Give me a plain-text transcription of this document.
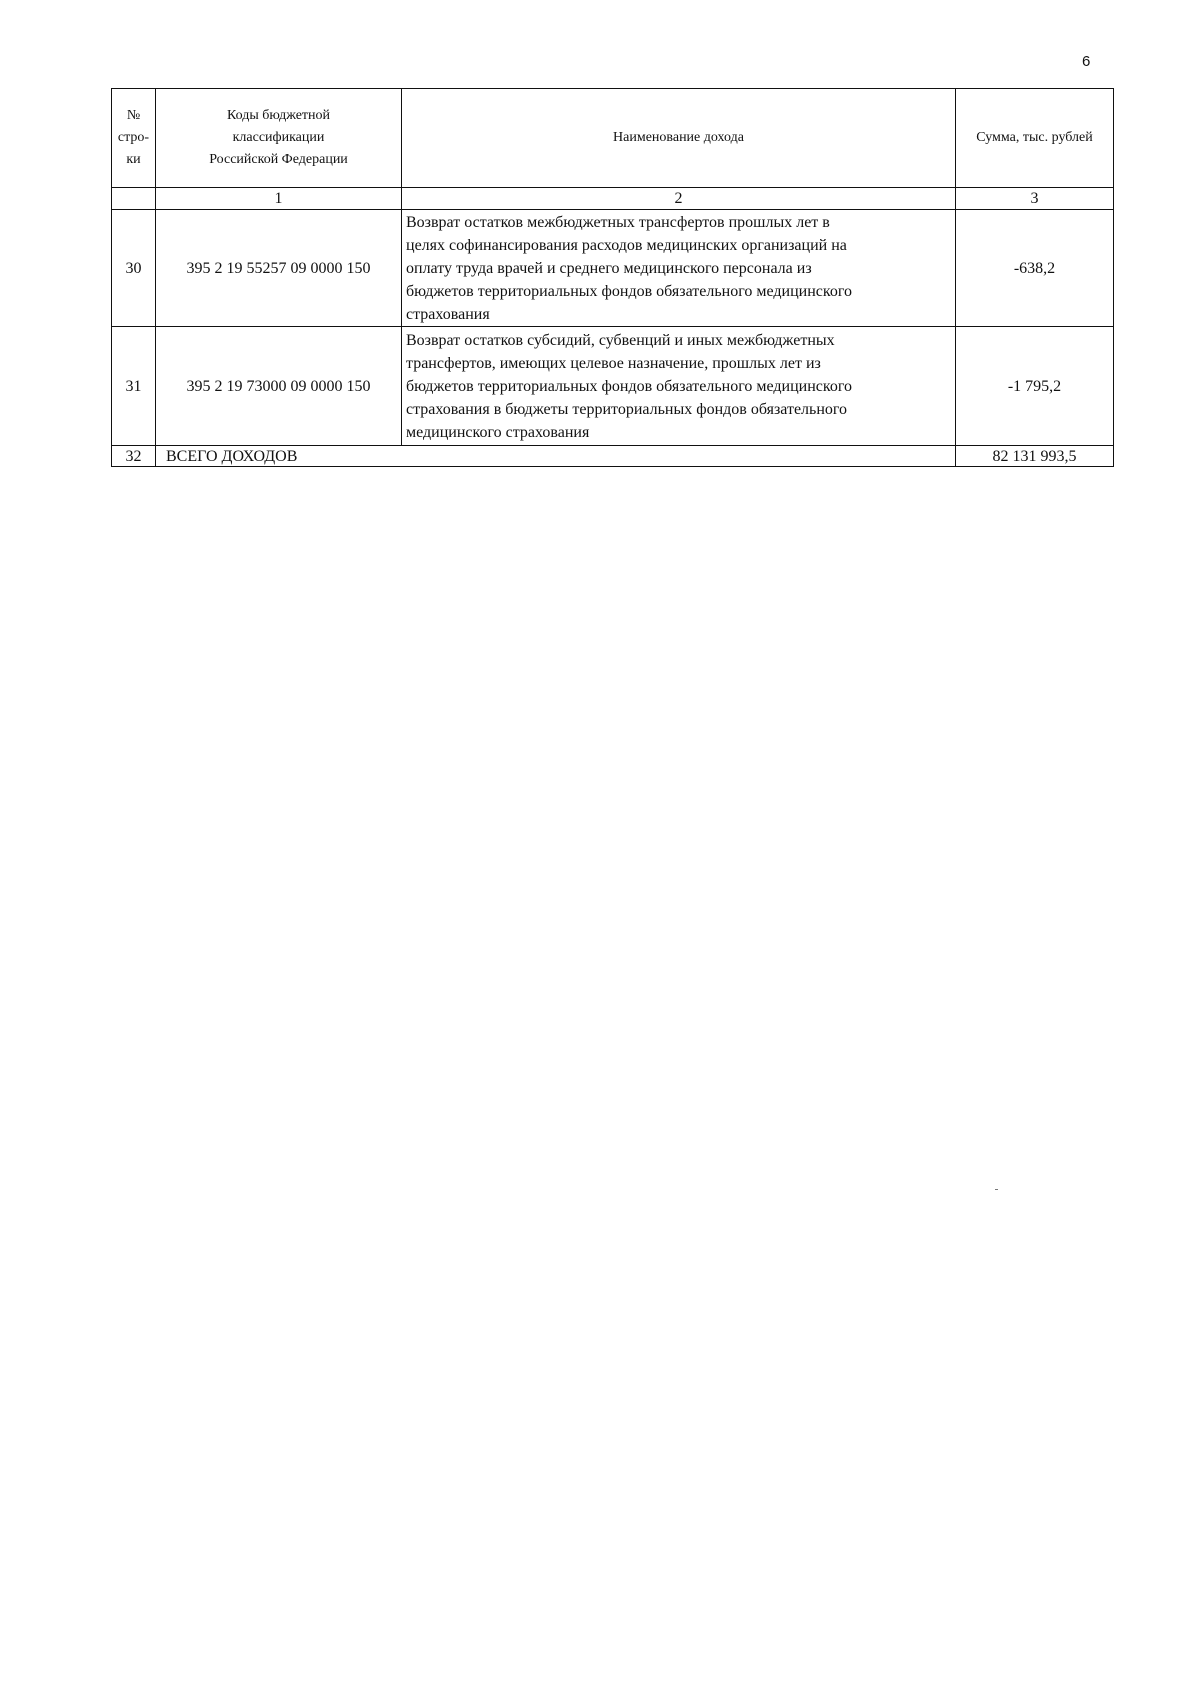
6
№
стро-
ки	Коды бюджетной
классификации
Российской Федерации	Наименование дохода	Сумма, тыс. рублей
	1	2	3
30	395 2 19 55257 09 0000 150	Возврат остатков межбюджетных трансфертов прошлых лет в
целях софинансирования расходов медицинских организаций на
оплату труда врачей и среднего медицинского персонала из
бюджетов территориальных фондов обязательного медицинского
страхования	-638,2
31	395 2 19 73000 09 0000 150	Возврат остатков субсидий, субвенций и иных межбюджетных
трансфертов, имеющих целевое назначение, прошлых лет из
бюджетов территориальных фондов обязательного медицинского
страхования в бюджеты территориальных фондов обязательного
медицинского страхования	-1 795,2
32	ВСЕГО ДОХОДОВ		82 131 993,5
